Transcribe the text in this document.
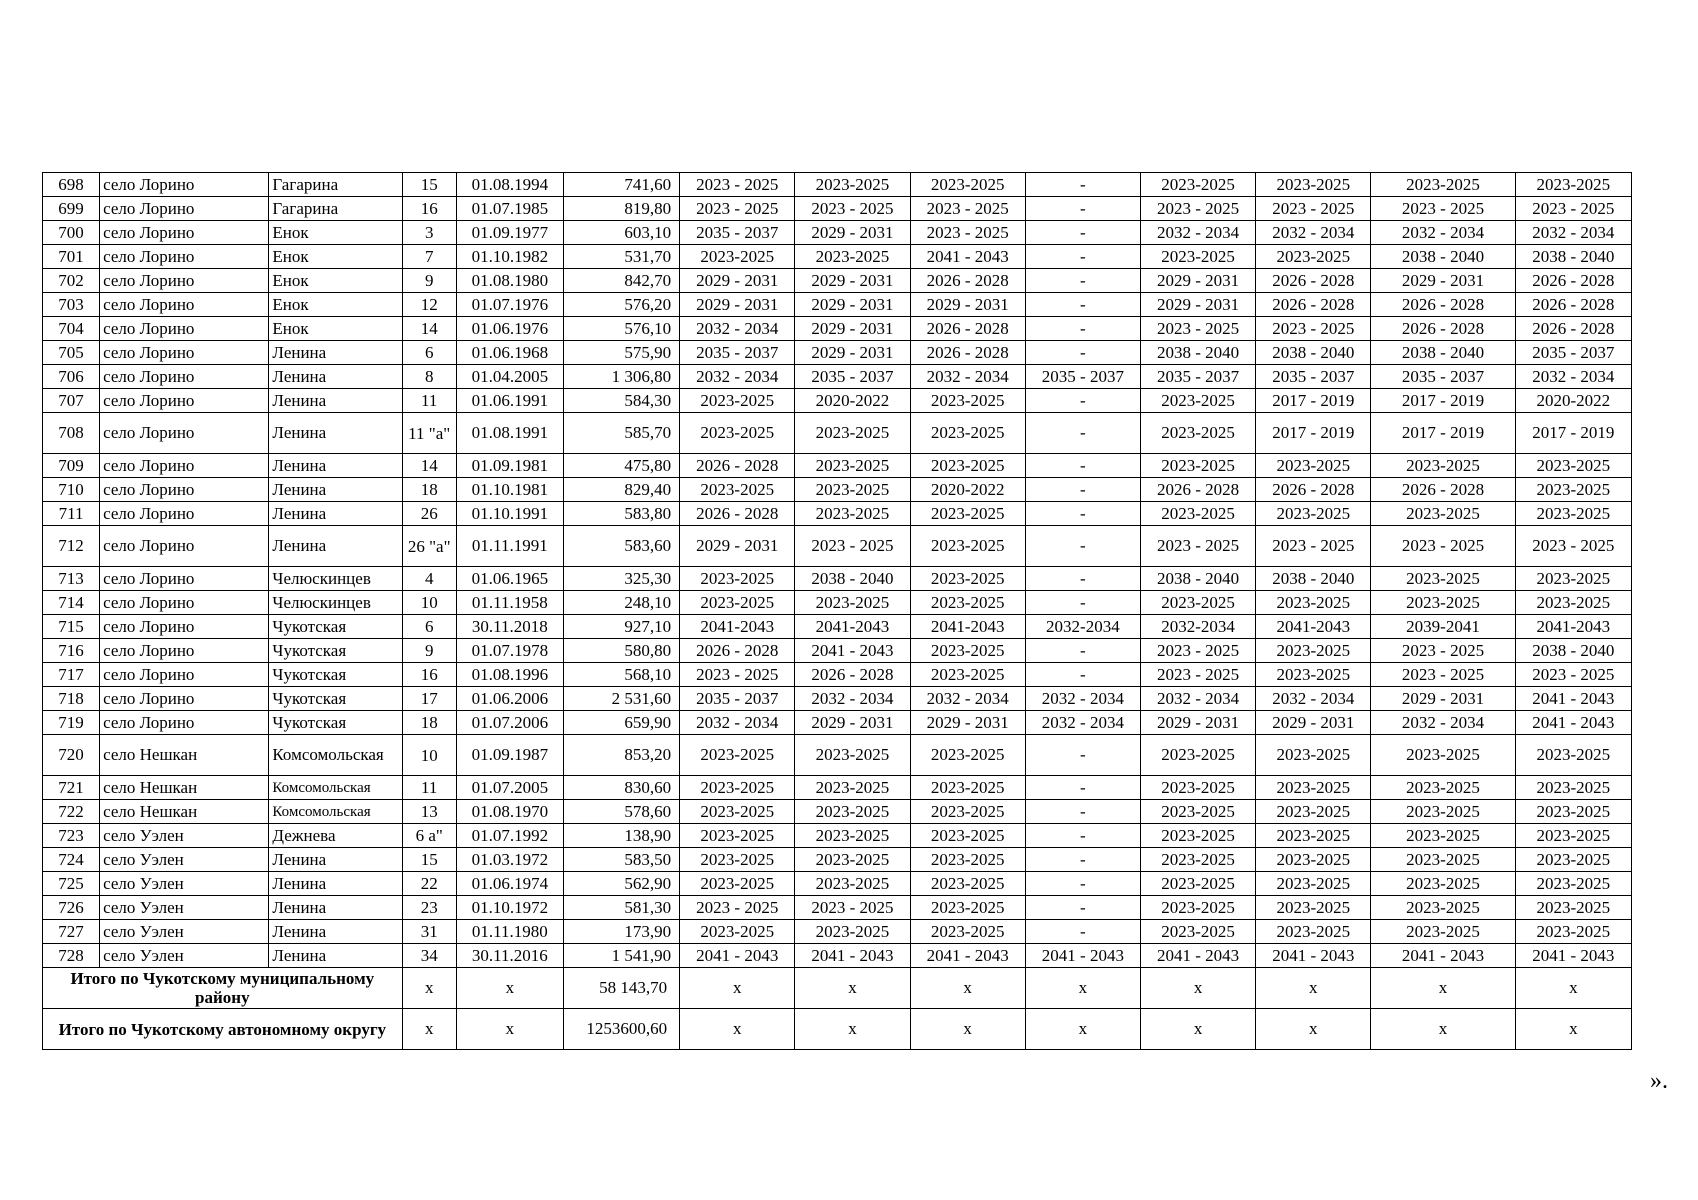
698	село Лорино	Гагарина	15	01.08.1994	741,60	2023 - 2025	2023-2025	2023-2025	-	2023-2025	2023-2025	2023-2025	2023-2025
699	село Лорино	Гагарина	16	01.07.1985	819,80	2023 - 2025	2023 - 2025	2023 - 2025	-	2023 - 2025	2023 - 2025	2023 - 2025	2023 - 2025
700	село Лорино	Енок	3	01.09.1977	603,10	2035 - 2037	2029 - 2031	2023 - 2025	-	2032 - 2034	2032 - 2034	2032 - 2034	2032 - 2034
701	село Лорино	Енок	7	01.10.1982	531,70	2023-2025	2023-2025	2041 - 2043	-	2023-2025	2023-2025	2038 - 2040	2038 - 2040
702	село Лорино	Енок	9	01.08.1980	842,70	2029 - 2031	2029 - 2031	2026 - 2028	-	2029 - 2031	2026 - 2028	2029 - 2031	2026 - 2028
703	село Лорино	Енок	12	01.07.1976	576,20	2029 - 2031	2029 - 2031	2029 - 2031	-	2029 - 2031	2026 - 2028	2026 - 2028	2026 - 2028
704	село Лорино	Енок	14	01.06.1976	576,10	2032 - 2034	2029 - 2031	2026 - 2028	-	2023 - 2025	2023 - 2025	2026 - 2028	2026 - 2028
705	село Лорино	Ленина	6	01.06.1968	575,90	2035 - 2037	2029 - 2031	2026 - 2028	-	2038 - 2040	2038 - 2040	2038 - 2040	2035 - 2037
706	село Лорино	Ленина	8	01.04.2005	1 306,80	2032 - 2034	2035 - 2037	2032 - 2034	2035 - 2037	2035 - 2037	2035 - 2037	2035 - 2037	2032 - 2034
707	село Лорино	Ленина	11	01.06.1991	584,30	2023-2025	2020-2022	2023-2025	-	2023-2025	2017 - 2019	2017 - 2019	2020-2022
708	село Лорино	Ленина	11 "а"	01.08.1991	585,70	2023-2025	2023-2025	2023-2025	-	2023-2025	2017 - 2019	2017 - 2019	2017 - 2019
709	село Лорино	Ленина	14	01.09.1981	475,80	2026 - 2028	2023-2025	2023-2025	-	2023-2025	2023-2025	2023-2025	2023-2025
710	село Лорино	Ленина	18	01.10.1981	829,40	2023-2025	2023-2025	2020-2022	-	2026 - 2028	2026 - 2028	2026 - 2028	2023-2025
711	село Лорино	Ленина	26	01.10.1991	583,80	2026 - 2028	2023-2025	2023-2025	-	2023-2025	2023-2025	2023-2025	2023-2025
712	село Лорино	Ленина	26 "а"	01.11.1991	583,60	2029 - 2031	2023 - 2025	2023-2025	-	2023 - 2025	2023 - 2025	2023 - 2025	2023 - 2025
713	село Лорино	Челюскинцев	4	01.06.1965	325,30	2023-2025	2038 - 2040	2023-2025	-	2038 - 2040	2038 - 2040	2023-2025	2023-2025
714	село Лорино	Челюскинцев	10	01.11.1958	248,10	2023-2025	2023-2025	2023-2025	-	2023-2025	2023-2025	2023-2025	2023-2025
715	село Лорино	Чукотская	6	30.11.2018	927,10	2041-2043	2041-2043	2041-2043	2032-2034	2032-2034	2041-2043	2039-2041	2041-2043
716	село Лорино	Чукотская	9	01.07.1978	580,80	2026 - 2028	2041 - 2043	2023-2025	-	2023 - 2025	2023-2025	2023 - 2025	2038 - 2040
717	село Лорино	Чукотская	16	01.08.1996	568,10	2023 - 2025	2026 - 2028	2023-2025	-	2023 - 2025	2023-2025	2023 - 2025	2023 - 2025
718	село Лорино	Чукотская	17	01.06.2006	2 531,60	2035 - 2037	2032 - 2034	2032 - 2034	2032 - 2034	2032 - 2034	2032 - 2034	2029 - 2031	2041 - 2043
719	село Лорино	Чукотская	18	01.07.2006	659,90	2032 - 2034	2029 - 2031	2029 - 2031	2032 - 2034	2029 - 2031	2029 - 2031	2032 - 2034	2041 - 2043
720	село Нешкан	Комсомольская	10	01.09.1987	853,20	2023-2025	2023-2025	2023-2025	-	2023-2025	2023-2025	2023-2025	2023-2025
721	село Нешкан	Комсомольская	11	01.07.2005	830,60	2023-2025	2023-2025	2023-2025	-	2023-2025	2023-2025	2023-2025	2023-2025
722	село Нешкан	Комсомольская	13	01.08.1970	578,60	2023-2025	2023-2025	2023-2025	-	2023-2025	2023-2025	2023-2025	2023-2025
723	село Уэлен	Дежнева	6 а"	01.07.1992	138,90	2023-2025	2023-2025	2023-2025	-	2023-2025	2023-2025	2023-2025	2023-2025
724	село Уэлен	Ленина	15	01.03.1972	583,50	2023-2025	2023-2025	2023-2025	-	2023-2025	2023-2025	2023-2025	2023-2025
725	село Уэлен	Ленина	22	01.06.1974	562,90	2023-2025	2023-2025	2023-2025	-	2023-2025	2023-2025	2023-2025	2023-2025
726	село Уэлен	Ленина	23	01.10.1972	581,30	2023 - 2025	2023 - 2025	2023-2025	-	2023-2025	2023-2025	2023-2025	2023-2025
727	село Уэлен	Ленина	31	01.11.1980	173,90	2023-2025	2023-2025	2023-2025	-	2023-2025	2023-2025	2023-2025	2023-2025
728	село Уэлен	Ленина	34	30.11.2016	1 541,90	2041 - 2043	2041 - 2043	2041 - 2043	2041 - 2043	2041 - 2043	2041 - 2043	2041 - 2043	2041 - 2043
Итого по Чукотскому муниципальному району			х	х	58 143,70	х	х	х	х	х	х	х	х
Итого по Чукотскому автономному округу			х	х	1253600,60	х	х	х	х	х	х	х	х
».
